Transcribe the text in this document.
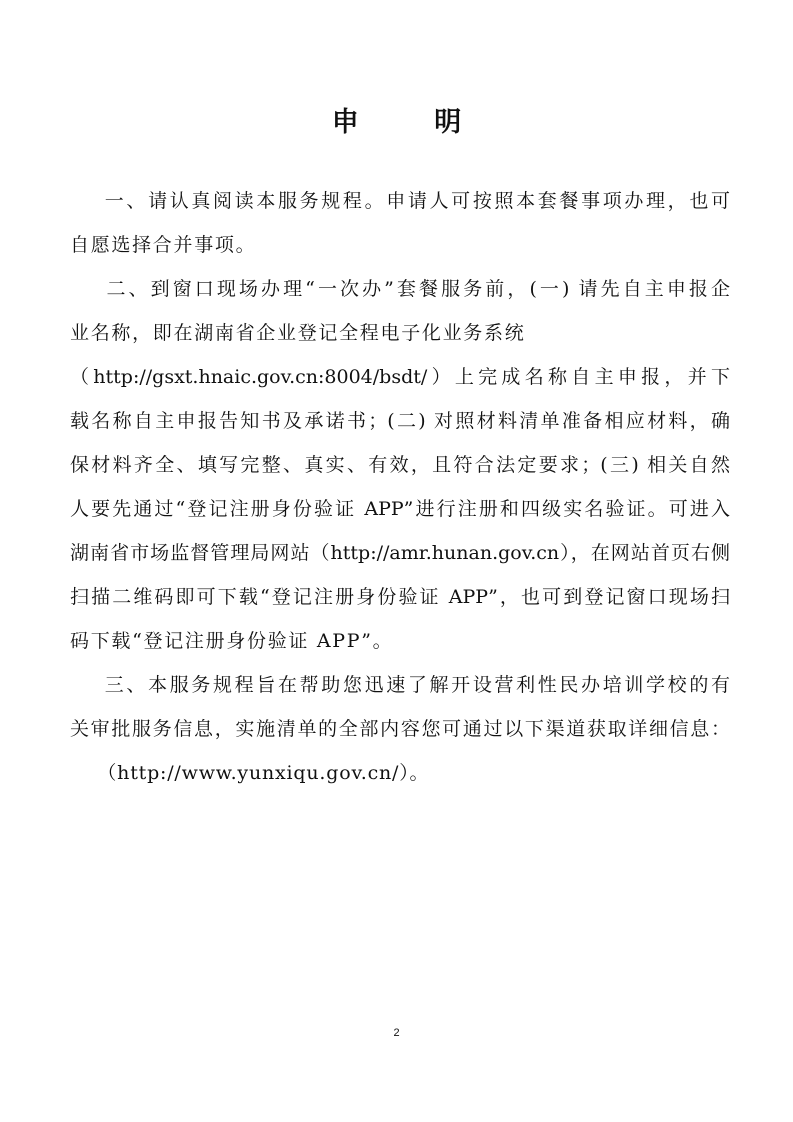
申 明
一、请认真阅读本服务规程。申请人可按照本套餐事项办理，也可
自愿选择合并事项。
二、到窗口现场办理“一次办”套餐服务前，(一) 请先自主申报企
业名称，即在湖南省企业登记全程电子化业务系统
（http://gsxt.hnaic.gov.cn:8004/bsdt/）上完成名称自主申报，并下
载名称自主申报告知书及承诺书；(二) 对照材料清单准备相应材料，确
保材料齐全、填写完整、真实、有效，且符合法定要求；(三) 相关自然
人要先通过“登记注册身份验证 APP”进行注册和四级实名验证。可进入
湖南省市场监督管理局网站（http://amr.hunan.gov.cn），在网站首页右侧
扫描二维码即可下载“登记注册身份验证 APP”，也可到登记窗口现场扫
码下载“登记注册身份验证 APP”。
三、本服务规程旨在帮助您迅速了解开设营利性民办培训学校的有
关审批服务信息，实施清单的全部内容您可通过以下渠道获取详细信息：
（http://www.yunxiqu.gov.cn/）。
2
